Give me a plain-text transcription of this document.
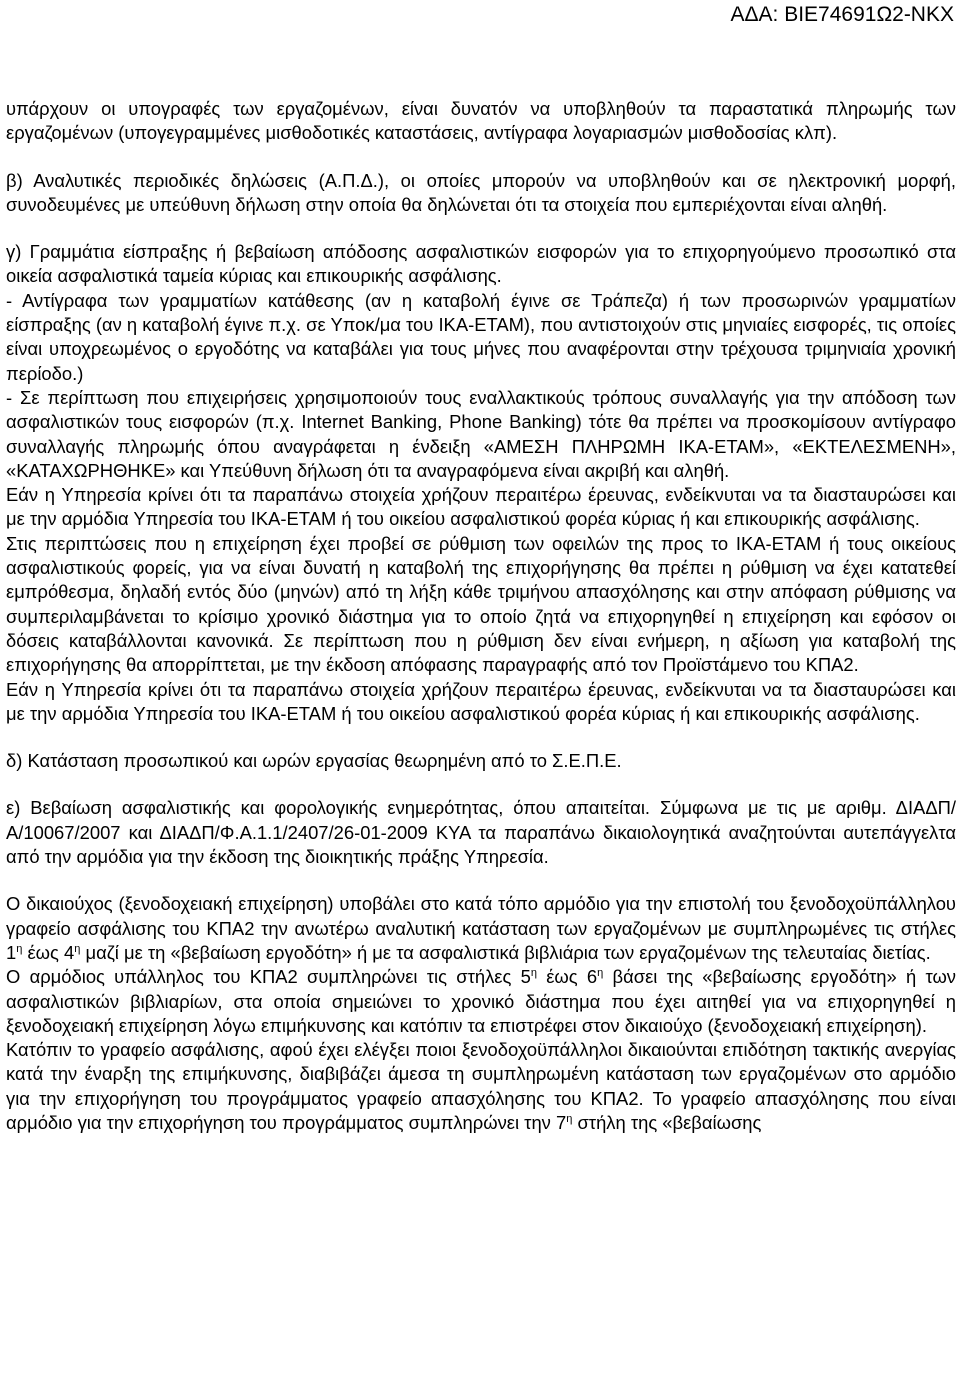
ΑΔΑ: ΒΙΕ74691Ω2-ΝΚΧ

υπάρχουν οι υπογραφές των εργαζομένων, είναι δυνατόν να υποβληθούν τα παραστατικά πληρωμής των εργαζομένων (υπογεγραμμένες μισθοδοτικές καταστάσεις, αντίγραφα λογαριασμών μισθοδοσίας κλπ).

β) Αναλυτικές περιοδικές δηλώσεις (Α.Π.Δ.), οι οποίες μπορούν να υποβληθούν και σε ηλεκτρονική μορφή, συνοδευμένες με υπεύθυνη δήλωση στην οποία θα δηλώνεται ότι τα στοιχεία που εμπεριέχονται είναι αληθή.

γ) Γραμμάτια είσπραξης ή βεβαίωση απόδοσης ασφαλιστικών εισφορών για το επιχορηγούμενο προσωπικό στα οικεία ασφαλιστικά ταμεία κύριας και επικουρικής ασφάλισης.

- Αντίγραφα των γραμματίων κατάθεσης (αν η καταβολή έγινε σε Τράπεζα) ή των προσωρινών γραμματίων είσπραξης (αν η καταβολή έγινε π.χ. σε Υποκ/μα του ΙΚΑ-ΕΤΑΜ), που αντιστοιχούν στις μηνιαίες εισφορές, τις οποίες είναι υποχρεωμένος ο εργοδότης να καταβάλει για τους μήνες που αναφέρονται στην τρέχουσα τριμηνιαία χρονική περίοδο.)

- Σε περίπτωση που επιχειρήσεις χρησιμοποιούν τους εναλλακτικούς τρόπους συναλλαγής για την απόδοση των ασφαλιστικών τους εισφορών (π.χ. Internet Banking, Phone Banking) τότε θα πρέπει να προσκομίσουν αντίγραφο συναλλαγής πληρωμής όπου αναγράφεται η ένδειξη «ΑΜΕΣΗ ΠΛΗΡΩΜΗ ΙΚΑ-ΕΤΑΜ», «ΕΚΤΕΛΕΣΜΕΝΗ», «ΚΑΤΑΧΩΡΗΘΗΚΕ» και Υπεύθυνη δήλωση ότι τα αναγραφόμενα είναι ακριβή και αληθή.

Εάν η Υπηρεσία κρίνει ότι τα παραπάνω στοιχεία χρήζουν περαιτέρω έρευνας, ενδείκνυται να τα διασταυρώσει και με την αρμόδια Υπηρεσία του ΙΚΑ-ΕΤΑΜ ή του οικείου ασφαλιστικού φορέα κύριας ή και επικουρικής ασφάλισης.

Στις περιπτώσεις που η επιχείρηση έχει προβεί σε ρύθμιση των οφειλών της προς το ΙΚΑ-ΕΤΑΜ ή τους οικείους ασφαλιστικούς φορείς, για να είναι δυνατή η καταβολή της επιχορήγησης θα πρέπει η ρύθμιση να έχει κατατεθεί εμπρόθεσμα, δηλαδή εντός δύο (μηνών) από τη λήξη κάθε τριμήνου απασχόλησης και στην απόφαση ρύθμισης να συμπεριλαμβάνεται το κρίσιμο χρονικό διάστημα για το οποίο ζητά να επιχορηγηθεί η επιχείρηση και εφόσον οι δόσεις καταβάλλονται κανονικά. Σε περίπτωση που η ρύθμιση δεν είναι ενήμερη, η αξίωση για καταβολή της επιχορήγησης θα απορρίπτεται, με την έκδοση απόφασης παραγραφής από τον Προϊστάμενο του ΚΠΑ2.

Εάν η Υπηρεσία κρίνει ότι τα παραπάνω στοιχεία χρήζουν περαιτέρω έρευνας, ενδείκνυται να τα διασταυρώσει και με την αρμόδια Υπηρεσία του ΙΚΑ-ΕΤΑΜ ή του οικείου ασφαλιστικού φορέα κύριας ή και επικουρικής ασφάλισης.

δ) Κατάσταση προσωπικού και ωρών εργασίας θεωρημένη από το Σ.Ε.Π.Ε.

ε) Βεβαίωση ασφαλιστικής και φορολογικής ενημερότητας, όπου απαιτείται. Σύμφωνα με τις με αριθμ. ΔΙΑΔΠ/Α/10067/2007 και ΔΙΑΔΠ/Φ.Α.1.1/2407/26-01-2009 ΚΥΑ τα παραπάνω δικαιολογητικά αναζητούνται αυτεπάγγελτα από την αρμόδια για την έκδοση της διοικητικής πράξης Υπηρεσία.

Ο δικαιούχος (ξενοδοχειακή επιχείρηση) υποβάλει στο κατά τόπο αρμόδιο για την επιστολή του ξενοδοχοϋπάλληλου γραφείο ασφάλισης του ΚΠΑ2 την ανωτέρω αναλυτική κατάσταση των εργαζομένων με συμπληρωμένες τις στήλες $1^\eta$ έως $4^\eta$ μαζί με τη «βεβαίωση εργοδότη» ή με τα ασφαλιστικά βιβλιάρια των εργαζομένων της τελευταίας διετίας.

Ο αρμόδιος υπάλληλος του ΚΠΑ2 συμπληρώνει τις στήλες $5^\eta$ έως $6^\eta$ βάσει της «βεβαίωσης εργοδότη» ή των ασφαλιστικών βιβλιαρίων, στα οποία σημειώνει το χρονικό διάστημα που έχει αιτηθεί για να επιχορηγηθεί η ξενοδοχειακή επιχείρηση λόγω επιμήκυνσης και κατόπιν τα επιστρέφει στον δικαιούχο (ξενοδοχειακή επιχείρηση).

Κατόπιν το γραφείο ασφάλισης, αφού έχει ελέγξει ποιοι ξενοδοχοϋπάλληλοι δικαιούνται επιδότηση τακτικής ανεργίας κατά την έναρξη της επιμήκυνσης, διαβιβάζει άμεσα τη συμπληρωμένη κατάσταση των εργαζομένων στο αρμόδιο για την επιχορήγηση του προγράμματος γραφείο απασχόλησης του ΚΠΑ2. Το γραφείο απασχόλησης που είναι αρμόδιο για την επιχορήγηση του προγράμματος συμπληρώνει την $7^\eta$ στήλη της «βεβαίωσης
